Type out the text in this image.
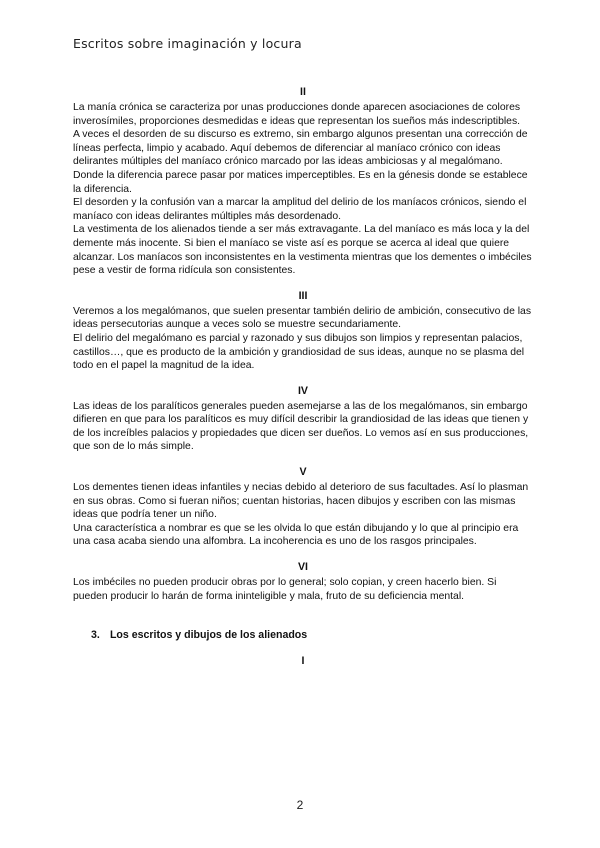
Escritos sobre imaginación y locura
II

La manía crónica se caracteriza por unas producciones donde aparecen asociaciones de colores inverosímiles, proporciones desmedidas e ideas que representan los sueños más indescriptibles.

A veces el desorden de su discurso es extremo, sin embargo algunos presentan una corrección de líneas perfecta, limpio y acabado. Aquí debemos de diferenciar al maníaco crónico con ideas delirantes múltiples del maníaco crónico marcado por las ideas ambiciosas y al megalómano. Donde la diferencia parece pasar por matices imperceptibles. Es en la génesis donde se establece la diferencia.

El desorden y la confusión van a marcar la amplitud del delirio de los maníacos crónicos, siendo el maníaco con ideas delirantes múltiples más desordenado.

La vestimenta de los alienados tiende a ser más extravagante. La del maníaco es más loca y la del demente más inocente. Si bien el maníaco se viste así es porque se acerca al ideal que quiere alcanzar. Los maníacos son inconsistentes en la vestimenta mientras que los dementes o imbéciles pese a vestir de forma ridícula son consistentes.

III

Veremos a los megalómanos, que suelen presentar también delirio de ambición, consecutivo de las ideas persecutorias aunque a veces solo se muestre secundariamente.

El delirio del megalómano es parcial y razonado y sus dibujos son limpios y representan palacios, castillos…, que es producto de la ambición y grandiosidad de sus ideas, aunque no se plasma del todo en el papel la magnitud de la idea.

IV

Las ideas de los paralíticos generales pueden asemejarse a las de los megalómanos, sin embargo difieren en que para los paralíticos es muy difícil describir la grandiosidad de las ideas que tienen y de los increíbles palacios y propiedades que dicen ser dueños. Lo vemos así en sus producciones, que son de lo más simple.

V

Los dementes tienen ideas infantiles y necias debido al deterioro de sus facultades. Así lo plasman en sus obras. Como si fueran niños; cuentan historias, hacen dibujos y escriben con las mismas ideas que podría tener un niño.

Una característica a nombrar es que se les olvida lo que están dibujando y lo que al principio era una casa acaba siendo una alfombra. La incoherencia es uno de los rasgos principales.

VI

Los imbéciles no pueden producir obras por lo general; solo copian, y creen hacerlo bien. Si pueden producir lo harán de forma ininteligible y mala, fruto de su deficiencia mental.

3. Los escritos y dibujos de los alienados
I
2
